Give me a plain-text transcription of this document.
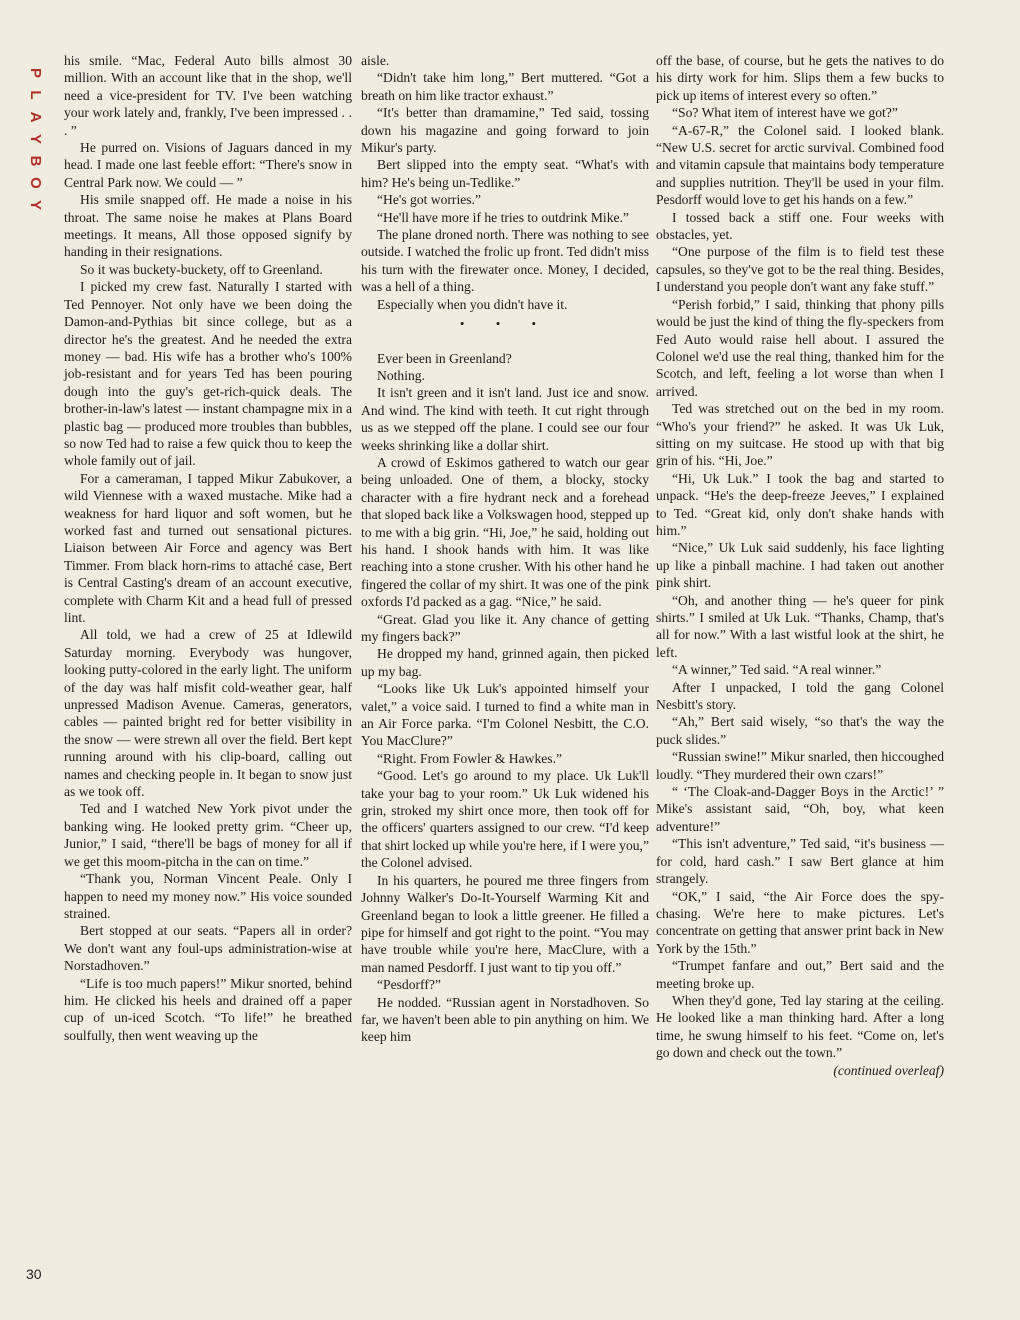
P
L
A
Y
B
O
Y
30

his smile. “Mac, Federal Auto bills almost 30 million. With an account like that in the shop, we'll need a vice-president for TV. I've been watching your work lately and, frankly, I've been impressed . . . ”

He purred on. Visions of Jaguars danced in my head. I made one last feeble effort: “There's snow in Central Park now. We could — ”

His smile snapped off. He made a noise in his throat. The same noise he makes at Plans Board meetings. It means, All those opposed signify by handing in their resignations.

So it was buckety-buckety, off to Greenland.

I picked my crew fast. Naturally I started with Ted Pennoyer. Not only have we been doing the Damon-and-Pythias bit since college, but as a director he's the greatest. And he needed the extra money — bad. His wife has a brother who's 100% job-resistant and for years Ted has been pouring dough into the guy's get-rich-quick deals. The brother-in-law's latest — instant champagne mix in a plastic bag — produced more troubles than bubbles, so now Ted had to raise a few quick thou to keep the whole family out of jail.

For a cameraman, I tapped Mikur Zabukover, a wild Viennese with a waxed mustache. Mike had a weakness for hard liquor and soft women, but he worked fast and turned out sensational pictures. Liaison between Air Force and agency was Bert Timmer. From black horn-rims to attaché case, Bert is Central Casting's dream of an account executive, complete with Charm Kit and a head full of pressed lint.

All told, we had a crew of 25 at Idlewild Saturday morning. Everybody was hungover, looking putty-colored in the early light. The uniform of the day was half misfit cold-weather gear, half unpressed Madison Avenue. Cameras, generators, cables — painted bright red for better visibility in the snow — were strewn all over the field. Bert kept running around with his clip-board, calling out names and checking people in. It began to snow just as we took off.

Ted and I watched New York pivot under the banking wing. He looked pretty grim. “Cheer up, Junior,” I said, “there'll be bags of money for all if we get this moom-pitcha in the can on time.”

“Thank you, Norman Vincent Peale. Only I happen to need my money now.” His voice sounded strained.

Bert stopped at our seats. “Papers all in order? We don't want any foul-ups administration-wise at Norstadhoven.”

“Life is too much papers!” Mikur snorted, behind him. He clicked his heels and drained off a paper cup of un-iced Scotch. “To life!” he breathed soulfully, then went weaving up the

aisle.

“Didn't take him long,” Bert muttered. “Got a breath on him like tractor exhaust.”

“It's better than dramamine,” Ted said, tossing down his magazine and going forward to join Mikur's party.

Bert slipped into the empty seat. “What's with him? He's being un-Tedlike.”

“He's got worries.”

“He'll have more if he tries to outdrink Mike.”

The plane droned north. There was nothing to see outside. I watched the frolic up front. Ted didn't miss his turn with the firewater once. Money, I decided, was a hell of a thing.

Especially when you didn't have it.

• • •

Ever been in Greenland?

Nothing.

It isn't green and it isn't land. Just ice and snow. And wind. The kind with teeth. It cut right through us as we stepped off the plane. I could see our four weeks shrinking like a dollar shirt.

A crowd of Eskimos gathered to watch our gear being unloaded. One of them, a blocky, stocky character with a fire hydrant neck and a forehead that sloped back like a Volkswagen hood, stepped up to me with a big grin. “Hi, Joe,” he said, holding out his hand. I shook hands with him. It was like reaching into a stone crusher. With his other hand he fingered the collar of my shirt. It was one of the pink oxfords I'd packed as a gag. “Nice,” he said.

“Great. Glad you like it. Any chance of getting my fingers back?”

He dropped my hand, grinned again, then picked up my bag.

“Looks like Uk Luk's appointed himself your valet,” a voice said. I turned to find a white man in an Air Force parka. “I'm Colonel Nesbitt, the C.O. You MacClure?”

“Right. From Fowler & Hawkes.”

“Good. Let's go around to my place. Uk Luk'll take your bag to your room.” Uk Luk widened his grin, stroked my shirt once more, then took off for the officers' quarters assigned to our crew. “I'd keep that shirt locked up while you're here, if I were you,” the Colonel advised.

In his quarters, he poured me three fingers from Johnny Walker's Do-It-Yourself Warming Kit and Greenland began to look a little greener. He filled a pipe for himself and got right to the point. “You may have trouble while you're here, MacClure, with a man named Pesdorff. I just want to tip you off.”

“Pesdorff?”

He nodded. “Russian agent in Norstadhoven. So far, we haven't been able to pin anything on him. We keep him

off the base, of course, but he gets the natives to do his dirty work for him. Slips them a few bucks to pick up items of interest every so often.”

“So? What item of interest have we got?”

“A-67-R,” the Colonel said. I looked blank. “New U.S. secret for arctic survival. Combined food and vitamin capsule that maintains body temperature and supplies nutrition. They'll be used in your film. Pesdorff would love to get his hands on a few.”

I tossed back a stiff one. Four weeks with obstacles, yet.

“One purpose of the film is to field test these capsules, so they've got to be the real thing. Besides, I understand you people don't want any fake stuff.”

“Perish forbid,” I said, thinking that phony pills would be just the kind of thing the fly-speckers from Fed Auto would raise hell about. I assured the Colonel we'd use the real thing, thanked him for the Scotch, and left, feeling a lot worse than when I arrived.

Ted was stretched out on the bed in my room. “Who's your friend?” he asked. It was Uk Luk, sitting on my suitcase. He stood up with that big grin of his. “Hi, Joe.”

“Hi, Uk Luk.” I took the bag and started to unpack. “He's the deep-freeze Jeeves,” I explained to Ted. “Great kid, only don't shake hands with him.”

“Nice,” Uk Luk said suddenly, his face lighting up like a pinball machine. I had taken out another pink shirt.

“Oh, and another thing — he's queer for pink shirts.” I smiled at Uk Luk. “Thanks, Champ, that's all for now.” With a last wistful look at the shirt, he left.

“A winner,” Ted said. “A real winner.”

After I unpacked, I told the gang Colonel Nesbitt's story.

“Ah,” Bert said wisely, “so that's the way the puck slides.”

“Russian swine!” Mikur snarled, then hiccoughed loudly. “They murdered their own czars!”

“ ‘The Cloak-and-Dagger Boys in the Arctic!’ ” Mike's assistant said, “Oh, boy, what keen adventure!”

“This isn't adventure,” Ted said, “it's business — for cold, hard cash.” I saw Bert glance at him strangely.

“OK,” I said, “the Air Force does the spy-chasing. We're here to make pictures. Let's concentrate on getting that answer print back in New York by the 15th.”

“Trumpet fanfare and out,” Bert said and the meeting broke up.

When they'd gone, Ted lay staring at the ceiling. He looked like a man thinking hard. After a long time, he swung himself to his feet. “Come on, let's go down and check out the town.”

(continued overleaf)
